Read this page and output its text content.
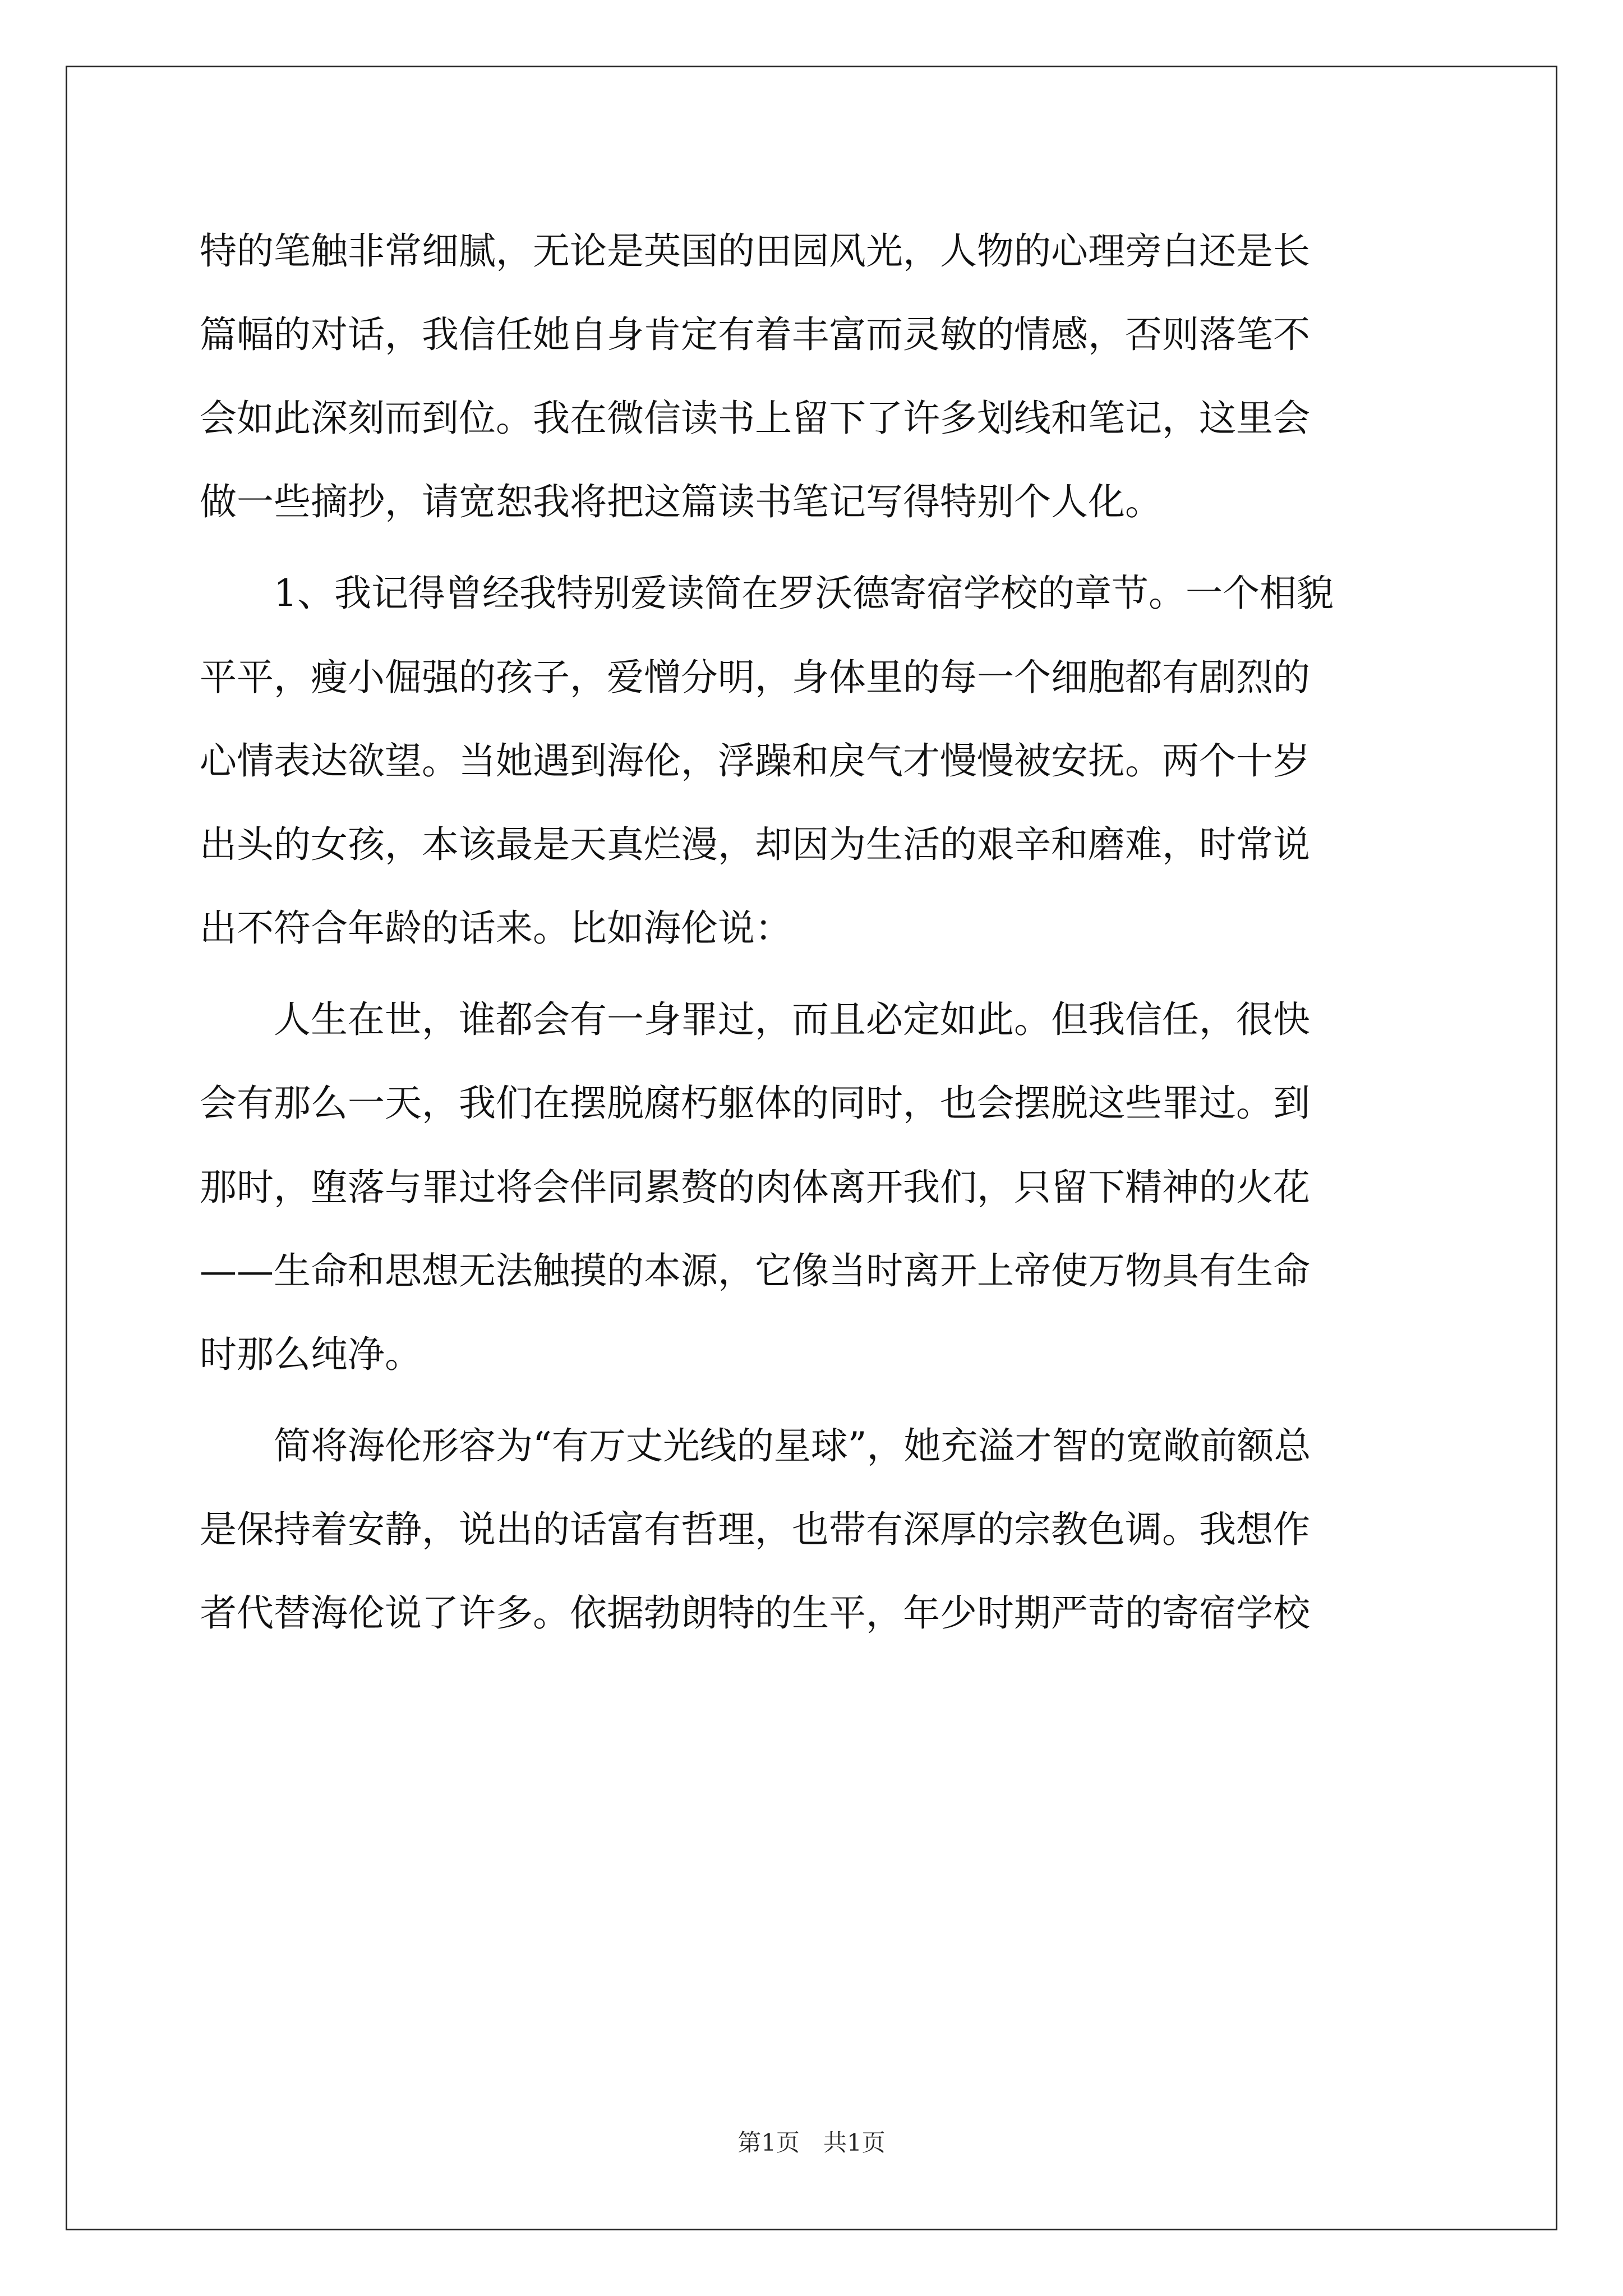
特的笔触非常细腻，无论是英国的田园风光，人物的心理旁白还是长
篇幅的对话，我信任她自身肯定有着丰富而灵敏的情感，否则落笔不
会如此深刻而到位。我在微信读书上留下了许多划线和笔记，这里会
做一些摘抄，请宽恕我将把这篇读书笔记写得特别个人化。
1、我记得曾经我特别爱读简在罗沃德寄宿学校的章节。一个相貌
平平，瘦小倔强的孩子，爱憎分明，身体里的每一个细胞都有剧烈的
心情表达欲望。当她遇到海伦，浮躁和戾气才慢慢被安抚。两个十岁
出头的女孩，本该最是天真烂漫，却因为生活的艰辛和磨难，时常说
出不符合年龄的话来。比如海伦说：
人生在世，谁都会有一身罪过，而且必定如此。但我信任，很快
会有那么一天，我们在摆脱腐朽躯体的同时，也会摆脱这些罪过。到
那时，堕落与罪过将会伴同累赘的肉体离开我们，只留下精神的火花
——生命和思想无法触摸的本源，它像当时离开上帝使万物具有生命
时那么纯净。
简将海伦形容为“有万丈光线的星球”，她充溢才智的宽敞前额总
是保持着安静，说出的话富有哲理，也带有深厚的宗教色调。我想作
者代替海伦说了许多。依据勃朗特的生平，年少时期严苛的寄宿学校
第1页　共1页
